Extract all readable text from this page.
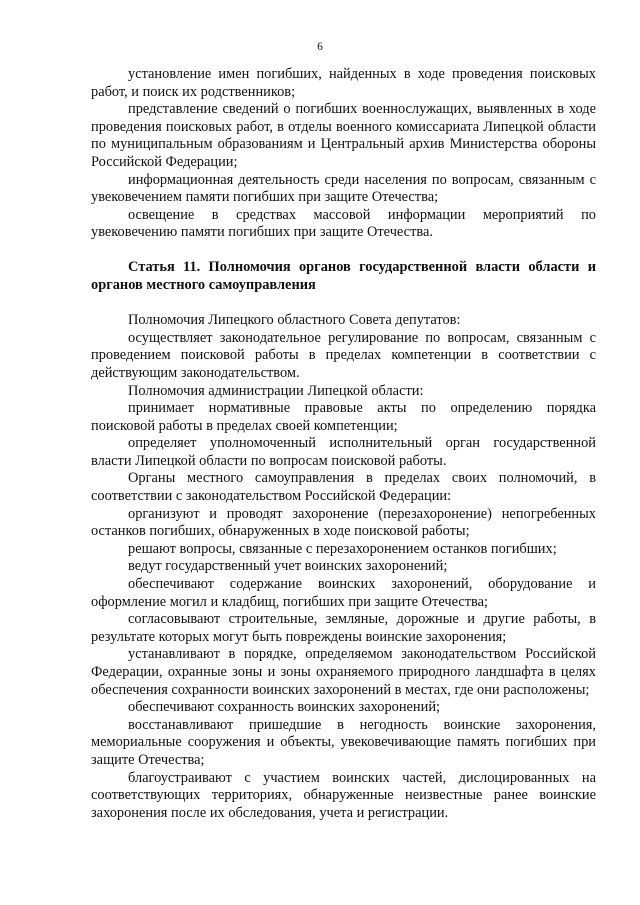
6

установление имен погибших, найденных в ходе проведения поисковых работ, и поиск их родственников;

представление сведений о погибших военнослужащих, выявленных в ходе проведения поисковых работ, в отделы военного комиссариата Липецкой области по муниципальным образованиям и Центральный архив Министерства обороны Российской Федерации;

информационная деятельность среди населения по вопросам, связанным с увековечением памяти погибших при защите Отечества;

освещение в средствах массовой информации мероприятий по увековечению памяти погибших при защите Отечества.

Статья 11. Полномочия органов государственной власти области и органов местного самоуправления

Полномочия Липецкого областного Совета депутатов:

осуществляет законодательное регулирование по вопросам, связанным с проведением поисковой работы в пределах компетенции в соответствии с действующим законодательством.

Полномочия администрации Липецкой области:

принимает нормативные правовые акты по определению порядка поисковой работы в пределах своей компетенции;

определяет уполномоченный исполнительный орган государственной власти Липецкой области по вопросам поисковой работы.

Органы местного самоуправления в пределах своих полномочий, в соответствии с законодательством Российской Федерации:

организуют и проводят захоронение (перезахоронение) непогребенных останков погибших, обнаруженных в ходе поисковой работы;

решают вопросы, связанные с перезахоронением останков погибших;

ведут государственный учет воинских захоронений;

обеспечивают содержание воинских захоронений, оборудование и оформление могил и кладбищ, погибших при защите Отечества;

согласовывают строительные, земляные, дорожные и другие работы, в результате которых могут быть повреждены воинские захоронения;

устанавливают в порядке, определяемом законодательством Российской Федерации, охранные зоны и зоны охраняемого природного ландшафта в целях обеспечения сохранности воинских захоронений в местах, где они расположены;

обеспечивают сохранность воинских захоронений;

восстанавливают пришедшие в негодность воинские захоронения, мемориальные сооружения и объекты, увековечивающие память погибших при защите Отечества;

благоустраивают с участием воинских частей, дислоцированных на соответствующих территориях, обнаруженные неизвестные ранее воинские захоронения после их обследования, учета и регистрации.
